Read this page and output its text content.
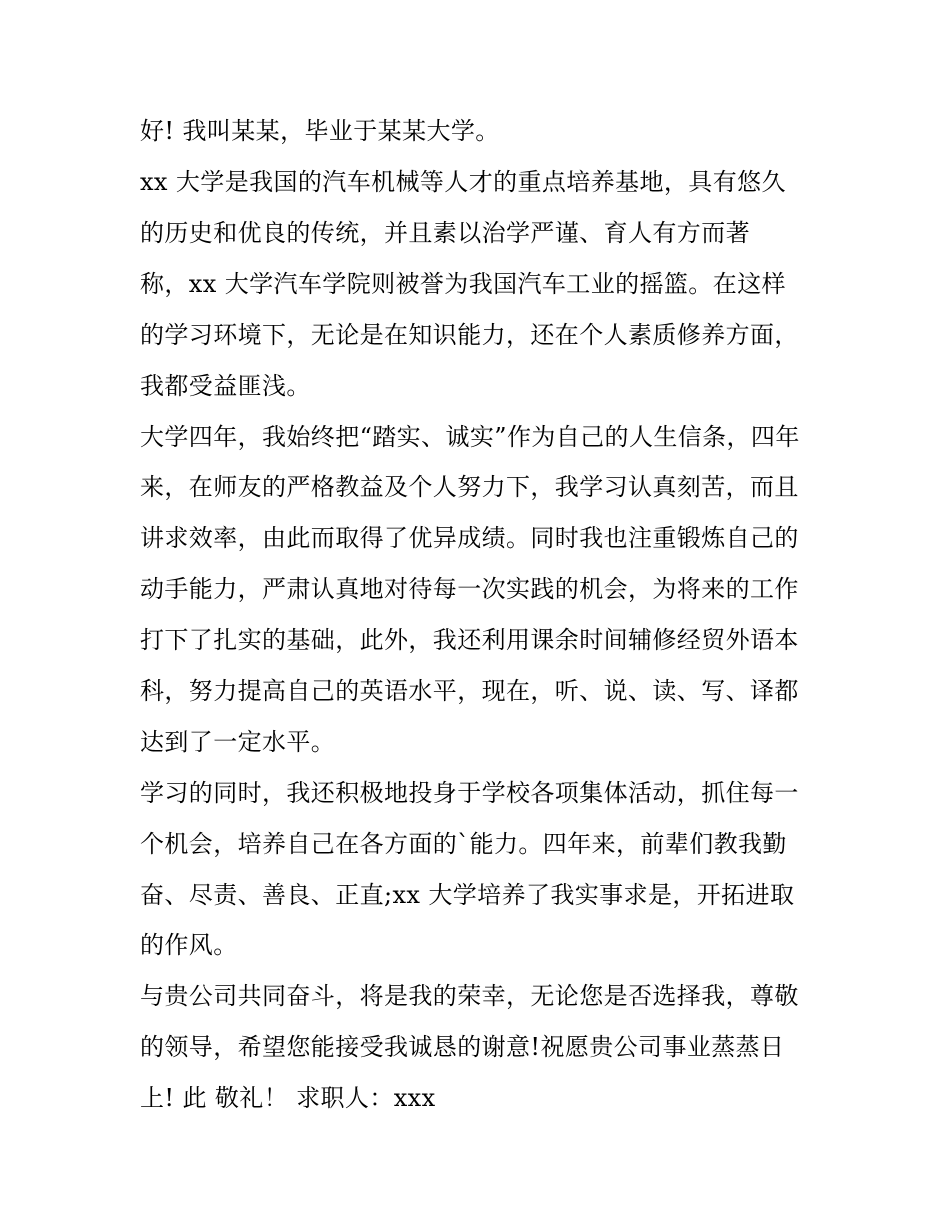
好! 我叫某某，毕业于某某大学。
xx 大学是我国的汽车机械等人才的重点培养基地，具有悠久
的历史和优良的传统，并且素以治学严谨、育人有方而著
称，xx 大学汽车学院则被誉为我国汽车工业的摇篮。在这样
的学习环境下，无论是在知识能力，还在个人素质修养方面，
我都受益匪浅。
大学四年，我始终把“踏实、诚实”作为自己的人生信条，四年
来，在师友的严格教益及个人努力下，我学习认真刻苦，而且
讲求效率，由此而取得了优异成绩。同时我也注重锻炼自己的
动手能力，严肃认真地对待每一次实践的机会，为将来的工作
打下了扎实的基础，此外，我还利用课余时间辅修经贸外语本
科，努力提高自己的英语水平，现在，听、说、读、写、译都
达到了一定水平。
学习的同时，我还积极地投身于学校各项集体活动，抓住每一
个机会，培养自己在各方面的`能力。四年来，前辈们教我勤
奋、尽责、善良、正直;xx 大学培养了我实事求是，开拓进取
的作风。
与贵公司共同奋斗，将是我的荣幸，无论您是否选择我，尊敬
的领导，希望您能接受我诚恳的谢意!祝愿贵公司事业蒸蒸日
上! 此 敬礼！ 求职人：xxx
